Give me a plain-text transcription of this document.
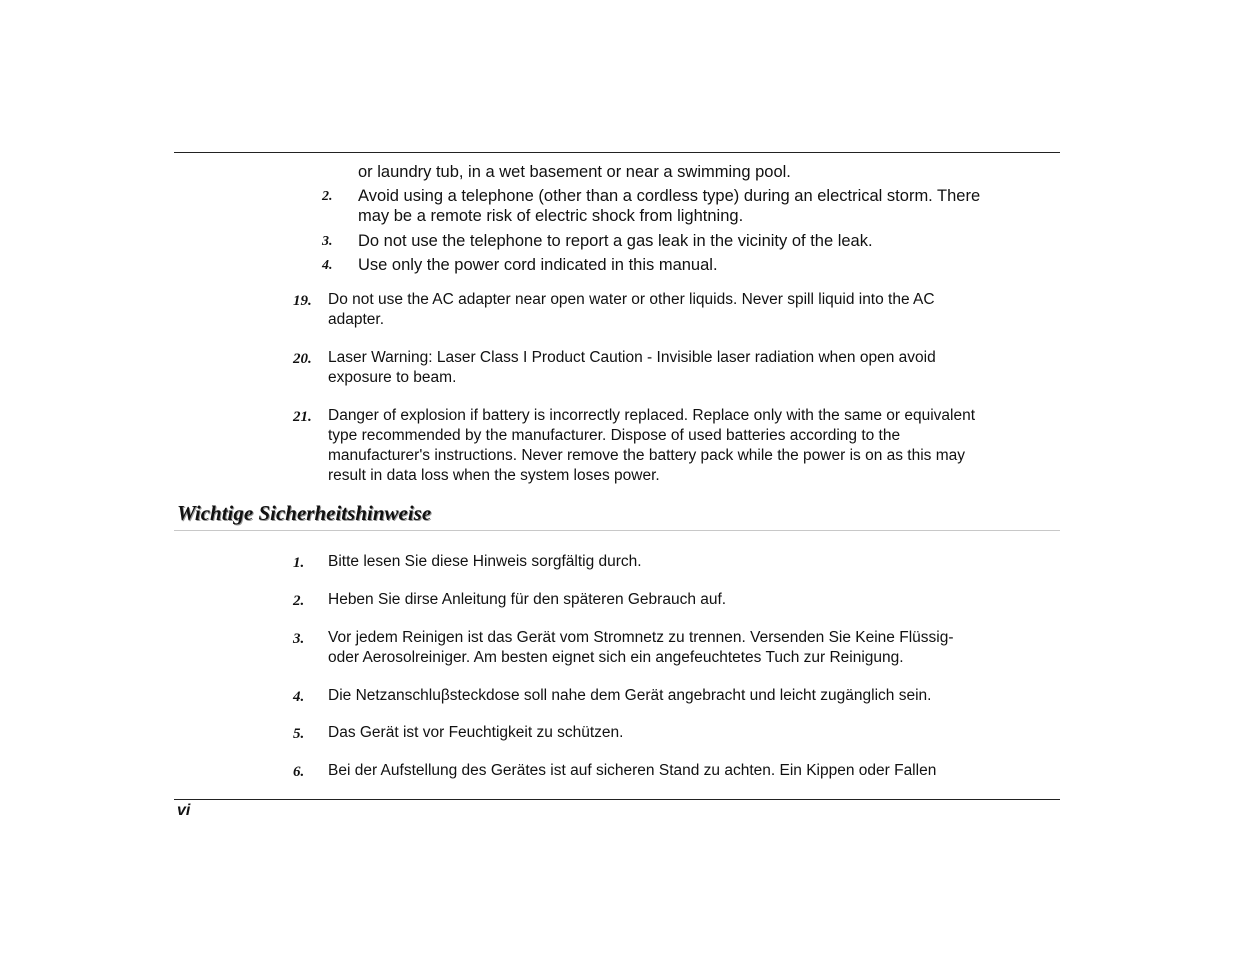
or laundry tub, in a wet basement or near a swimming pool.
2. Avoid using a telephone (other than a cordless type) during an electrical storm. There
may be a remote risk of electric shock from lightning.
3. Do not use the telephone to report a gas leak in the vicinity of the leak.
4. Use only the power cord indicated in this manual.
19. Do not use the AC adapter near open water or other liquids. Never spill liquid into the AC
adapter.
20. Laser Warning: Laser Class I Product Caution - Invisible laser radiation when open avoid
exposure to beam.
21. Danger of explosion if battery is incorrectly replaced. Replace only with the same or equivalent
type recommended by the manufacturer. Dispose of used batteries according to the
manufacturer's instructions. Never remove the battery pack while the power is on as this may
result in data loss when the system loses power.
Wichtige Sicherheitshinweise
1. Bitte lesen Sie diese Hinweis sorgfältig durch.
2. Heben Sie dirse Anleitung für den späteren Gebrauch auf.
3. Vor jedem Reinigen ist das Gerät vom Stromnetz zu trennen. Versenden Sie Keine Flüssig-
oder Aerosolreiniger. Am besten eignet sich ein angefeuchtetes Tuch zur Reinigung.
4. Die Netzanschluβsteckdose soll nahe dem Gerät angebracht und leicht zugänglich sein.
5. Das Gerät ist vor Feuchtigkeit zu schützen.
6. Bei der Aufstellung des Gerätes ist auf sicheren Stand zu achten. Ein Kippen oder Fallen
vi
